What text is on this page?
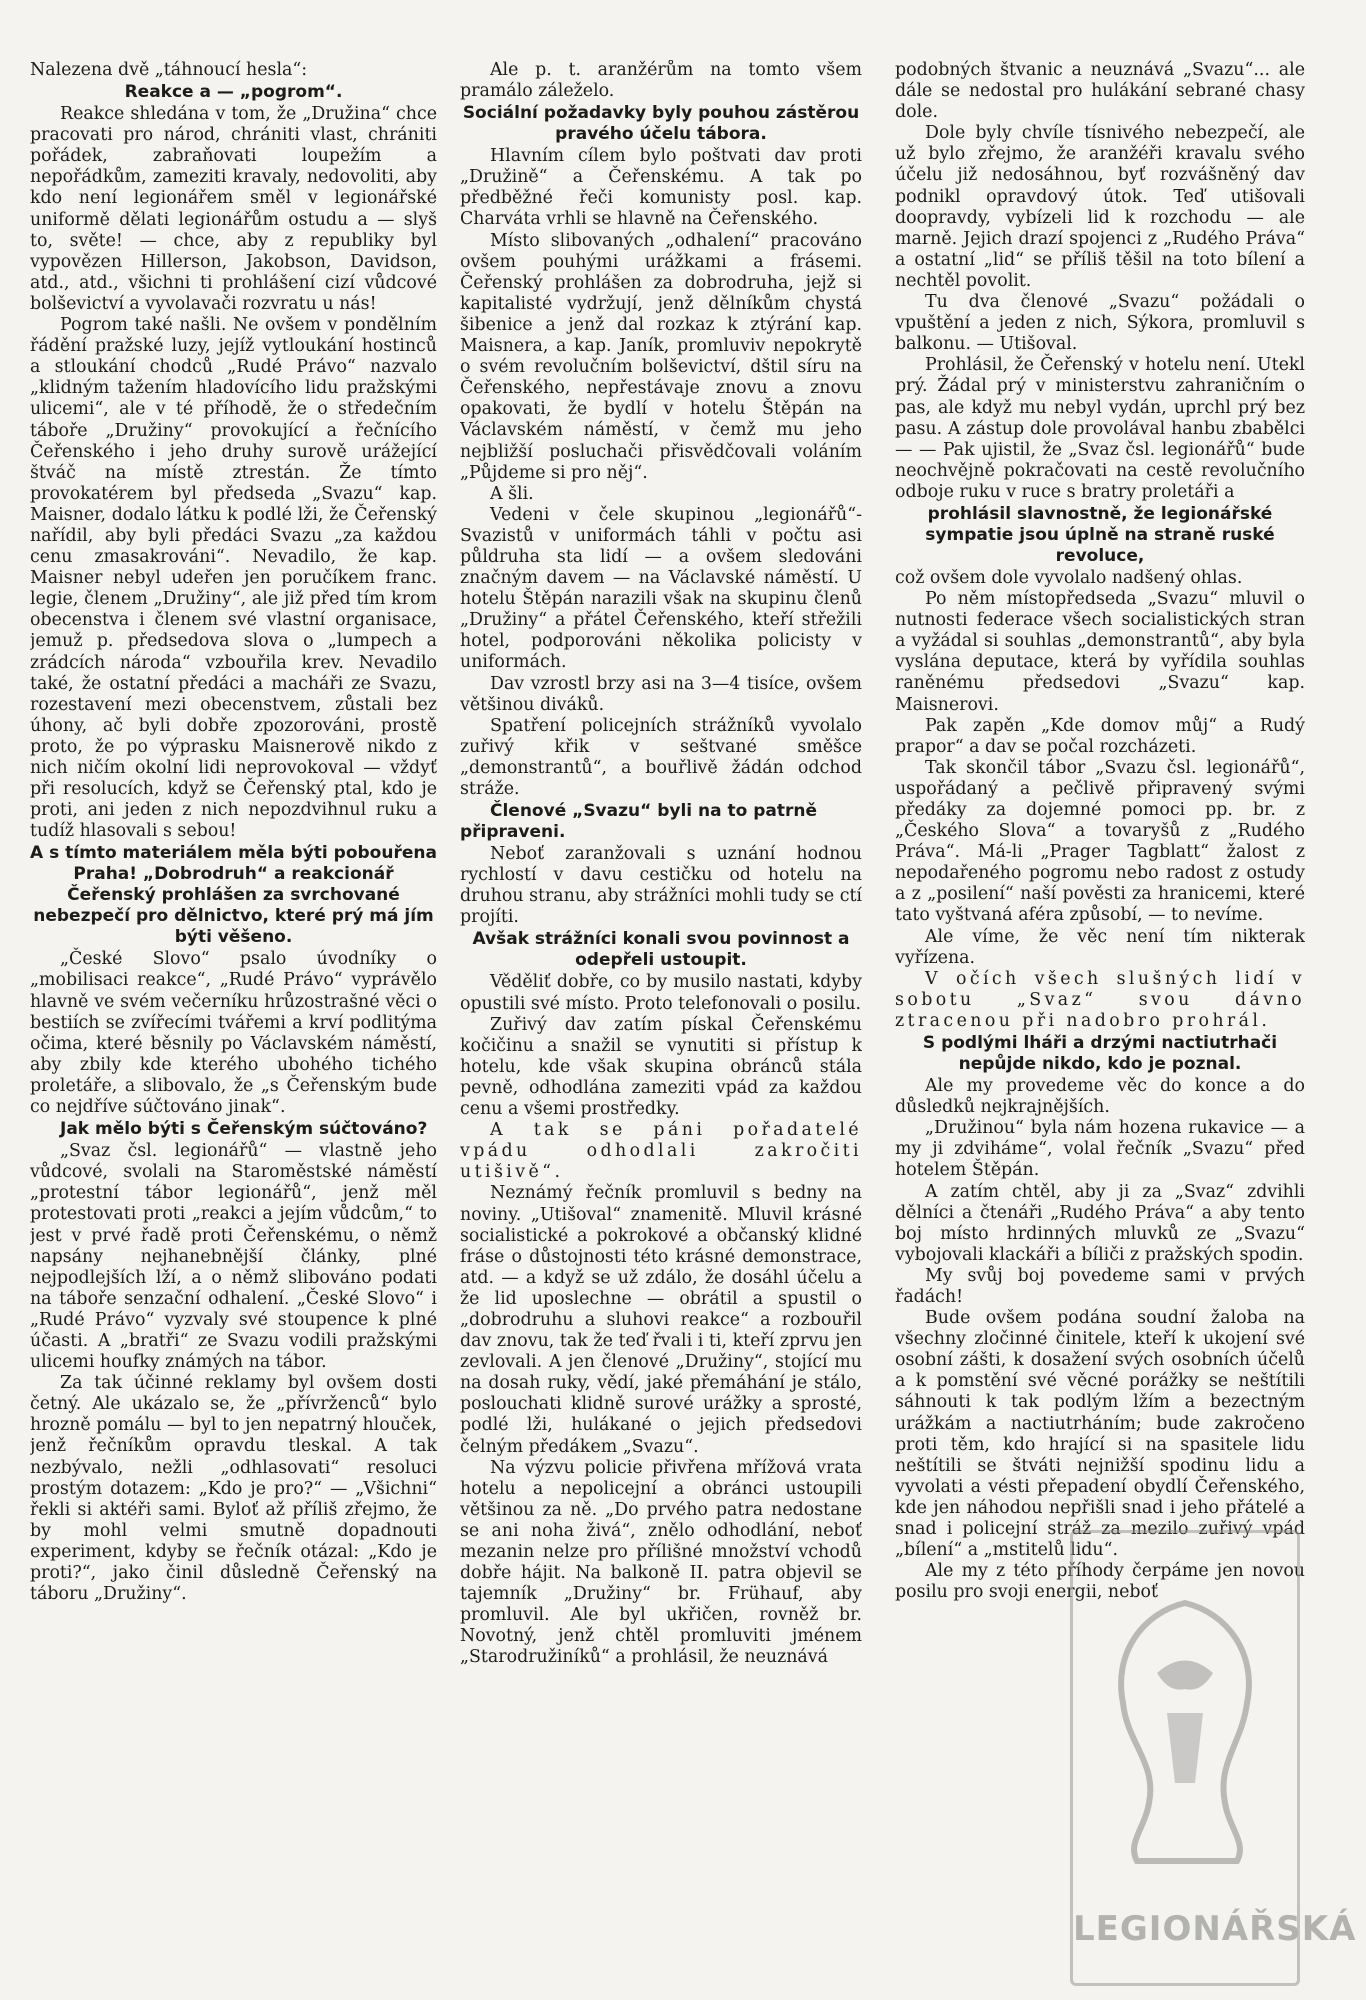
Nalezena dvě „táhnoucí hesla“:
Reakce a — „pogrom“.
Reakce shledána v tom, že „Družina“ chce pracovati pro národ, chrániti vlast, chrániti pořádek, zabraňovati loupežím a nepořádkům, zameziti kravaly, nedovoliti, aby kdo není legionářem směl v legionářské uniformě dělati legionářům ostudu a — slyš to, světe! — chce, aby z republiky byl vypovězen Hillerson, Jakobson, Davidson, atd., atd., všichni ti prohlášení cizí vůdcové bolševictví a vyvolavači rozvratu u nás!
Pogrom také našli. Ne ovšem v pondělním řádění pražské luzy, jejíž vytloukání hostinců a stloukání chodců „Rudé Právo“ nazvalo „klidným tažením hladovícího lidu pražskými ulicemi“, ale v té příhodě, že o středečním táboře „Družiny“ provokující a řečnícího Čeřenského i jeho druhy surově urážející štváč na místě ztrestán. Že tímto provokatérem byl předseda „Svazu“ kap. Maisner, dodalo látku k podlé lži, že Čeřenský nařídil, aby byli předáci Svazu „za každou cenu zmasakrováni“. Nevadilo, že kap. Maisner nebyl udeřen jen poručíkem franc. legie, členem „Družiny“, ale již před tím krom obecenstva i členem své vlastní organisace, jemuž p. předsedova slova o „lumpech a zrádcích národa“ vzbouřila krev. Nevadilo také, že ostatní předáci a macháři ze Svazu, rozestavení mezi obecenstvem, zůstali bez úhony, ač byli dobře zpozorováni, prostě proto, že po výprasku Maisnerově nikdo z nich ničím okolní lidi neprovokoval — vždyť při resolucích, když se Čeřenský ptal, kdo je proti, ani jeden z nich nepozdvihnul ruku a tudíž hlasovali s sebou!
A s tímto materiálem měla býti pobouřena Praha! „Dobrodruh“ a reakcionář Čeřenský prohlášen za svrchované nebezpečí pro dělnictvo, které prý má jím býti věšeno.
„České Slovo“ psalo úvodníky o „mobilisaci reakce“, „Rudé Právo“ vyprávělo hlavně ve svém večerníku hrůzostrašné věci o bestiích se zvířecími tvářemi a krví podlitýma očima, které běsnily po Václavském náměstí, aby zbily kde kterého ubohého tichého proletáře, a slibovalo, že „s Čeřenským bude co nejdříve súčtováno jinak“.
Jak mělo býti s Čeřenským súčtováno?
„Svaz čsl. legionářů“ — vlastně jeho vůdcové, svolali na Staroměstské náměstí „protestní tábor legionářů“, jenž měl protestovati proti „reakci a jejím vůdcům,“ to jest v prvé řadě proti Čeřenskému, o němž napsány nejhanebnější články, plné nejpodlejších lží, a o němž slibováno podati na táboře senzační odhalení. „České Slovo“ i „Rudé Právo“ vyzvaly své stoupence k plné účasti. A „bratři“ ze Svazu vodili pražskými ulicemi houfky známých na tábor.
Za tak účinné reklamy byl ovšem dosti četný. Ale ukázalo se, že „přívrženců“ bylo hrozně pomálu — byl to jen nepatrný hlouček, jenž řečníkům opravdu tleskal. A tak nezbývalo, nežli „odhlasovati“ resoluci prostým dotazem: „Kdo je pro?“ — „Všichni“ řekli si aktéři sami. Byloť až příliš zřejmo, že by mohl velmi smutně dopadnouti experiment, kdyby se řečník otázal: „Kdo je proti?“, jako činil důsledně Čeřenský na táboru „Družiny“.
Ale p. t. aranžérům na tomto všem pramálo záleželo.
Sociální požadavky byly pouhou zástěrou pravého účelu tábora.
Hlavním cílem bylo poštvati dav proti „Družině“ a Čeřenskému. A tak po předběžné řeči komunisty posl. kap. Charváta vrhli se hlavně na Čeřenského.
Místo slibovaných „odhalení“ pracováno ovšem pouhými urážkami a frásemi. Čeřenský prohlášen za dobrodruha, jejž si kapitalisté vydržují, jenž dělníkům chystá šibenice a jenž dal rozkaz k ztýrání kap. Maisnera, a kap. Janík, promluviv nepokrytě o svém revolučním bolševictví, dštil síru na Čeřenského, nepřestávaje znovu a znovu opakovati, že bydlí v hotelu Štěpán na Václavském náměstí, v čemž mu jeho nejbližší posluchači přisvědčovali voláním „Půjdeme si pro něj“.
A šli.
Vedeni v čele skupinou „legionářů“-Svazistů v uniformách táhli v počtu asi půldruha sta lidí — a ovšem sledováni značným davem — na Václavské náměstí. U hotelu Štěpán narazili však na skupinu členů „Družiny“ a přátel Čeřenského, kteří střežili hotel, podporováni několika policisty v uniformách.
Dav vzrostl brzy asi na 3—4 tisíce, ovšem většinou diváků.
Spatření policejních strážníků vyvolalo zuřivý křik v seštvané směšce „demonstrantů“, a bouřlivě žádán odchod stráže.
Členové „Svazu“ byli na to patrně připraveni.
Neboť zaranžovali s uznání hodnou rychlostí v davu cestičku od hotelu na druhou stranu, aby strážníci mohli tudy se ctí projíti.
Avšak strážníci konali svou povinnost a odepřeli ustoupit.
Věděliť dobře, co by musilo nastati, kdyby opustili své místo. Proto telefonovali o posilu.
Zuřivý dav zatím pískal Čeřenskému kočičinu a snažil se vynutiti si přístup k hotelu, kde však skupina obránců stála pevně, odhodlána zameziti vpád za každou cenu a všemi prostředky.
A tak se páni pořadatelé vpádu odhodlali zakročiti utišivě“.
Neznámý řečník promluvil s bedny na noviny. „Utišoval“ znamenitě. Mluvil krásné socialistické a pokrokové a občanský klidné fráse o důstojnosti této krásné demonstrace, atd. — a když se už zdálo, že dosáhl účelu a že lid uposlechne — obrátil a spustil o „dobrodruhu a sluhovi reakce“ a rozbouřil dav znovu, tak že teď řvali i ti, kteří zprvu jen zevlovali. A jen členové „Družiny“, stojící mu na dosah ruky, vědí, jaké přemáhání je stálo, poslouchati klidně surové urážky a sprosté, podlé lži, hulákané o jejich předsedovi čelným předákem „Svazu“.
Na výzvu policie přivřena mřížová vrata hotelu a nepolicejní a obránci ustoupili většinou za ně. „Do prvého patra nedostane se ani noha živá“, znělo odhodlání, neboť mezanin nelze pro přílišné množství vchodů dobře hájit. Na balkoně II. patra objevil se tajemník „Družiny“ br. Frühauf, aby promluvil. Ale byl ukřičen, rovněž br. Novotný, jenž chtěl promluviti jménem „Starodružiníků“ a prohlásil, že neuznává
podobných štvanic a neuznává „Svazu“... ale dále se nedostal pro hulákání sebrané chasy dole.
Dole byly chvíle tísnivého nebezpečí, ale už bylo zřejmo, že aranžéři kravalu svého účelu již nedosáhnou, byť rozvášněný dav podnikl opravdový útok. Teď utišovali doopravdy, vybízeli lid k rozchodu — ale marně. Jejich drazí spojenci z „Rudého Práva“ a ostatní „lid“ se příliš těšil na toto bílení a nechtěl povolit.
Tu dva členové „Svazu“ požádali o vpuštění a jeden z nich, Sýkora, promluvil s balkonu. — Utišoval.
Prohlásil, že Čeřenský v hotelu není. Utekl prý. Žádal prý v ministerstvu zahraničním o pas, ale když mu nebyl vydán, uprchl prý bez pasu. A zástup dole provolával hanbu zbabělci — — Pak ujistil, že „Svaz čsl. legionářů“ bude neochvějně pokračovati na cestě revolučního odboje ruku v ruce s bratry proletáři a
prohlásil slavnostně, že legionářské sympatie jsou úplně na straně ruské revoluce,
což ovšem dole vyvolalo nadšený ohlas.
Po něm místopředseda „Svazu“ mluvil o nutnosti federace všech socialistických stran a vyžádal si souhlas „demonstrantů“, aby byla vyslána deputace, která by vyřídila souhlas raněnému předsedovi „Svazu“ kap. Maisnerovi.
Pak zapěn „Kde domov můj“ a Rudý prapor“ a dav se počal rozcházeti.
Tak skončil tábor „Svazu čsl. legionářů“, uspořádaný a pečlivě připravený svými předáky za dojemné pomoci pp. br. z „Českého Slova“ a tovaryšů z „Rudého Práva“. Má-li „Prager Tagblatt“ žalost z nepodařeného pogromu nebo radost z ostudy a z „posilení“ naší pověsti za hranicemi, které tato vyštvaná aféra způsobí, — to nevíme.
Ale víme, že věc není tím nikterak vyřízena.
V očích všech slušných lidí v sobotu „Svaz“ svou dávno ztracenou při nadobro prohrál.
S podlými lháři a drzými nactiutrhači nepůjde nikdo, kdo je poznal.
Ale my provedeme věc do konce a do důsledků nejkrajnějších.
„Družinou“ byla nám hozena rukavice — a my ji zdviháme“, volal řečník „Svazu“ před hotelem Štěpán.
A zatím chtěl, aby ji za „Svaz“ zdvihli dělníci a čtenáři „Rudého Práva“ a aby tento boj místo hrdinných mluvků ze „Svazu“ vybojovali klackáři a bíliči z pražských spodin.
My svůj boj povedeme sami v prvých řadách!
Bude ovšem podána soudní žaloba na všechny zločinné činitele, kteří k ukojení své osobní zášti, k dosažení svých osobních účelů a k pomstění své věcné porážky se neštítili sáhnouti k tak podlým lžím a bezectným urážkám a nactiutrháním; bude zakročeno proti těm, kdo hrající si na spasitele lidu neštítili se štváti nejnižší spodinu lidu a vyvolati a vésti přepadení obydlí Čeřenského, kde jen náhodou nepřišli snad i jeho přátelé a snad i policejní stráž za mezilo zuřivý vpád „bílení“ a „mstitelů lidu“.
Ale my z této příhody čerpáme jen novou posilu pro svoji energii, neboť
LEGIONÁŘSKÁ
